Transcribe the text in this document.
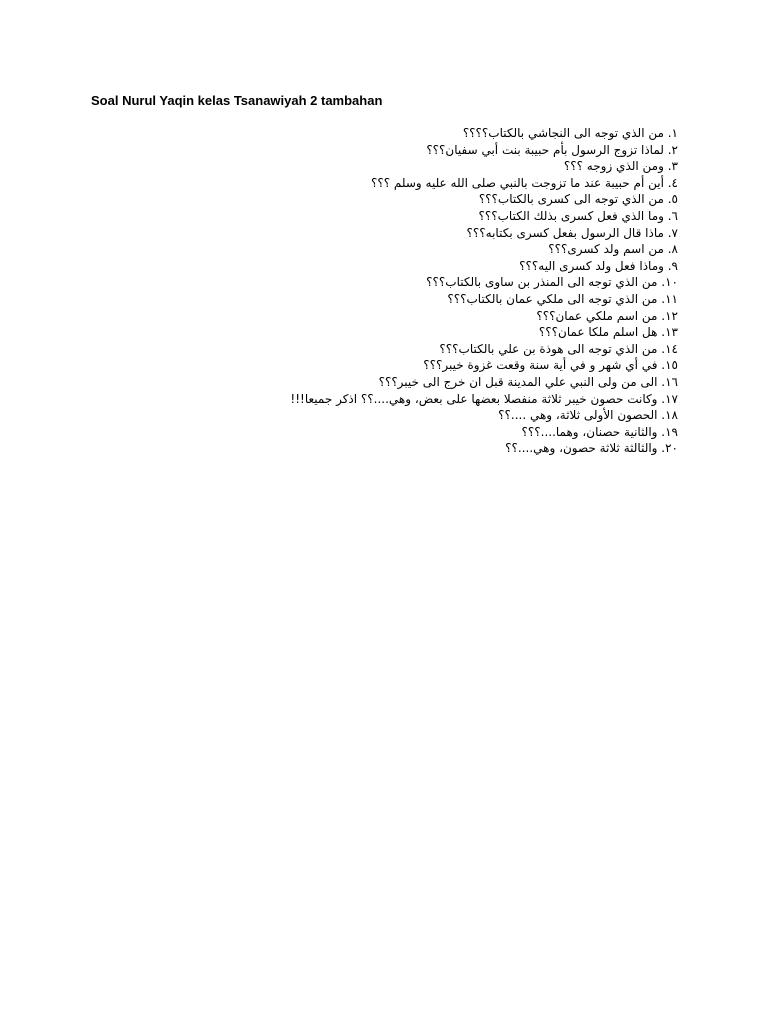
Soal Nurul Yaqin kelas Tsanawiyah 2 tambahan
١. من الذي توجه الى النجاشي بالكتاب؟؟؟؟
٢. لماذا تزوج الرسول بأم حبيبة بنت أبي سفيان؟؟؟
٣. ومن الذي زوجه ؟؟؟
٤. أين أم حبيبة عند ما تزوجت بالنبي صلى الله عليه وسلم ؟؟؟
٥. من الذي توجه الى كسرى بالكتاب؟؟؟
٦. وما الذي فعل كسرى بذلك الكتاب؟؟؟
٧. ماذا قال الرسول بفعل كسرى بكتابه؟؟؟
٨. من اسم ولد كسرى؟؟؟
٩. وماذا فعل ولد كسرى اليه؟؟؟
١٠. من الذي توجه الى المنذر بن ساوى بالكتاب؟؟؟
١١. من الذي توجه الى ملكي عمان بالكتاب؟؟؟
١٢. من اسم ملكي عمان؟؟؟
١٣. هل اسلم ملكا عمان؟؟؟
١٤. من الذي توجه الى هوذة بن علي بالكتاب؟؟؟
١٥. في أي شهر و في أية سنة وقعت غزوة خيبر؟؟؟
١٦. الى من ولى النبي علي المدينة قبل ان خرج الى خيبر؟؟؟
١٧. وكانت حصون خيبر ثلاثة منفصلا بعضها على بعض، وهي....؟؟ اذكر جميعا!!!
١٨. الحصون الأولى ثلاثة، وهي ....؟؟
١٩. والثانية حصنان، وهما....؟؟؟
٢٠. والثالثة ثلاثة حصون، وهي....؟؟
